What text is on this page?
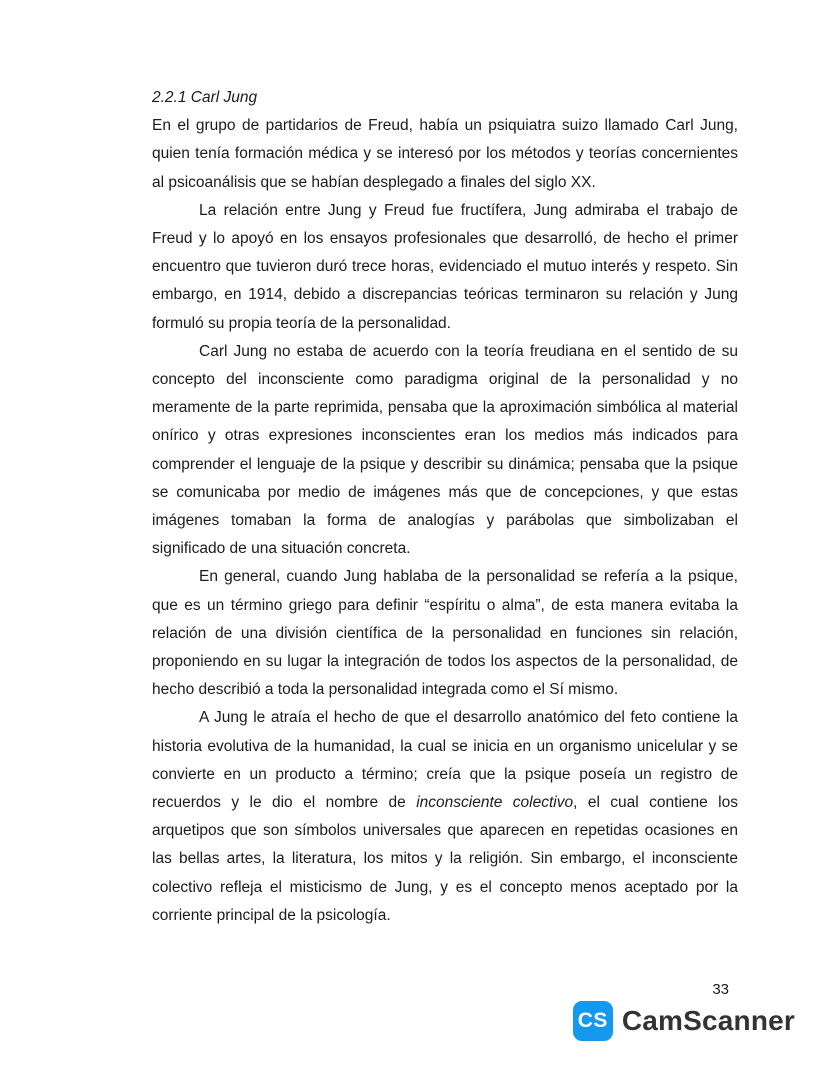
2.2.1 Carl Jung

En el grupo de partidarios de Freud, había un psiquiatra suizo llamado Carl Jung, quien tenía formación médica y se interesó por los métodos y teorías concernientes al psicoanálisis que se habían desplegado a finales del siglo XX.

La relación entre Jung y Freud fue fructífera, Jung admiraba el trabajo de Freud y lo apoyó en los ensayos profesionales que desarrolló, de hecho el primer encuentro que tuvieron duró trece horas, evidenciado el mutuo interés y respeto. Sin embargo, en 1914, debido a discrepancias teóricas terminaron su relación y Jung formuló su propia teoría de la personalidad.

Carl Jung no estaba de acuerdo con la teoría freudiana en el sentido de su concepto del inconsciente como paradigma original de la personalidad y no meramente de la parte reprimida, pensaba que la aproximación simbólica al material onírico y otras expresiones inconscientes eran los medios más indicados para comprender el lenguaje de la psique y describir su dinámica; pensaba que la psique se comunicaba por medio de imágenes más que de concepciones, y que estas imágenes tomaban la forma de analogías y parábolas que simbolizaban el significado de una situación concreta.

En general, cuando Jung hablaba de la personalidad se refería a la psique, que es un término griego para definir “espíritu o alma”, de esta manera evitaba la relación de una división científica de la personalidad en funciones sin relación, proponiendo en su lugar la integración de todos los aspectos de la personalidad, de hecho describió a toda la personalidad integrada como el Sí mismo.

A Jung le atraía el hecho de que el desarrollo anatómico del feto contiene la historia evolutiva de la humanidad, la cual se inicia en un organismo unicelular y se convierte en un producto a término; creía que la psique poseía un registro de recuerdos y le dio el nombre de inconsciente colectivo, el cual contiene los arquetipos que son símbolos universales que aparecen en repetidas ocasiones en las bellas artes, la literatura, los mitos y la religión. Sin embargo, el inconsciente colectivo refleja el misticismo de Jung, y es el concepto menos aceptado por la corriente principal de la psicología.

33
CS CamScanner
